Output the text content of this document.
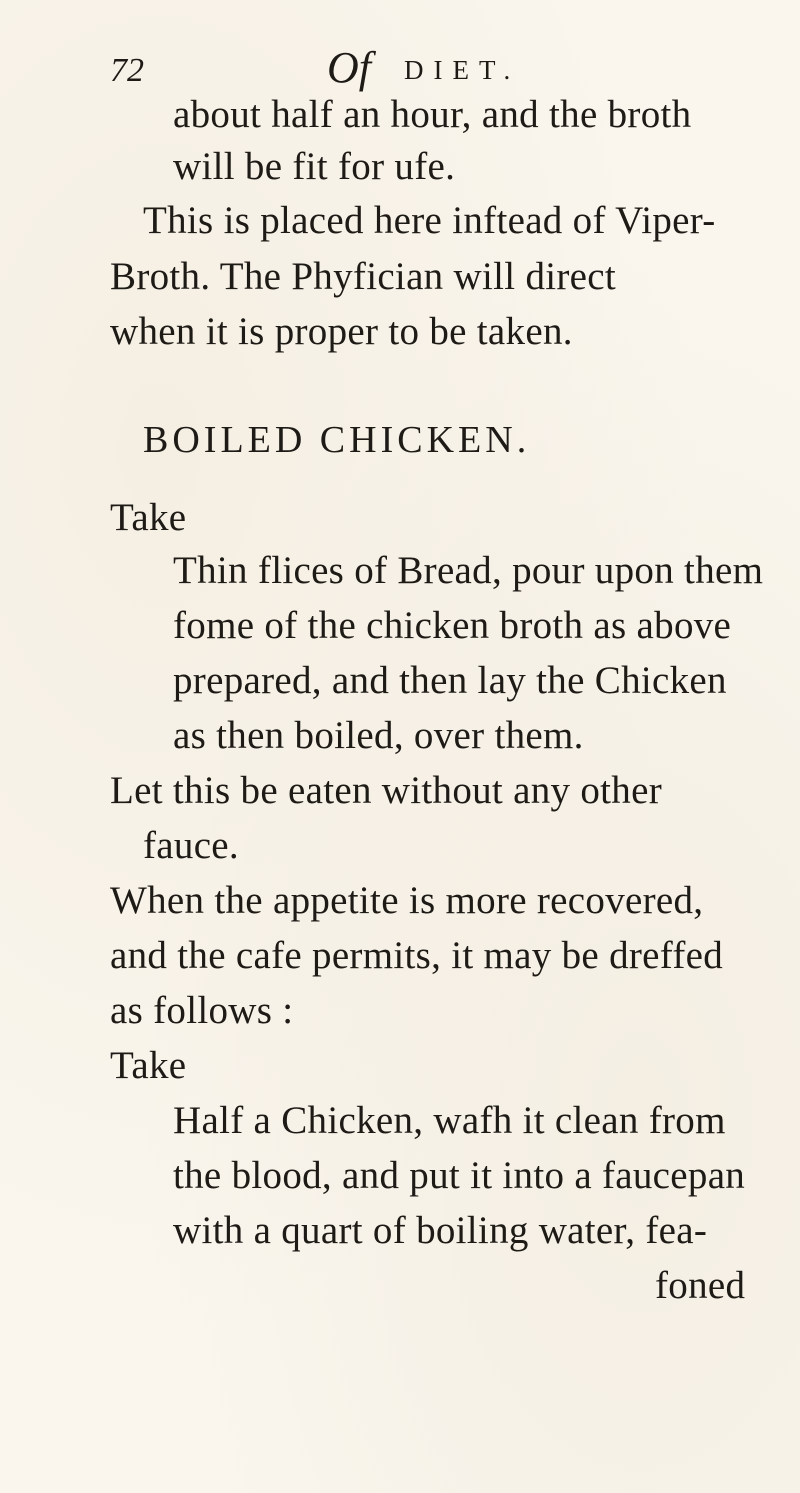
72	Of DIET.
about half an hour, and the broth
will be fit for ufe.
This is placed here inftead of Viper-
Broth. The Phyfician will direct
when it is proper to be taken.
BOILED CHICKEN.
Take
Thin flices of Bread, pour upon them
fome of the chicken broth as above
prepared, and then lay the Chicken
as then boiled, over them.
Let this be eaten without any other
fauce.
When the appetite is more recovered,
and the cafe permits, it may be dreffed
as follows :
Take
Half a Chicken, wafh it clean from
the blood, and put it into a faucepan
with a quart of boiling water, fea-
foned
